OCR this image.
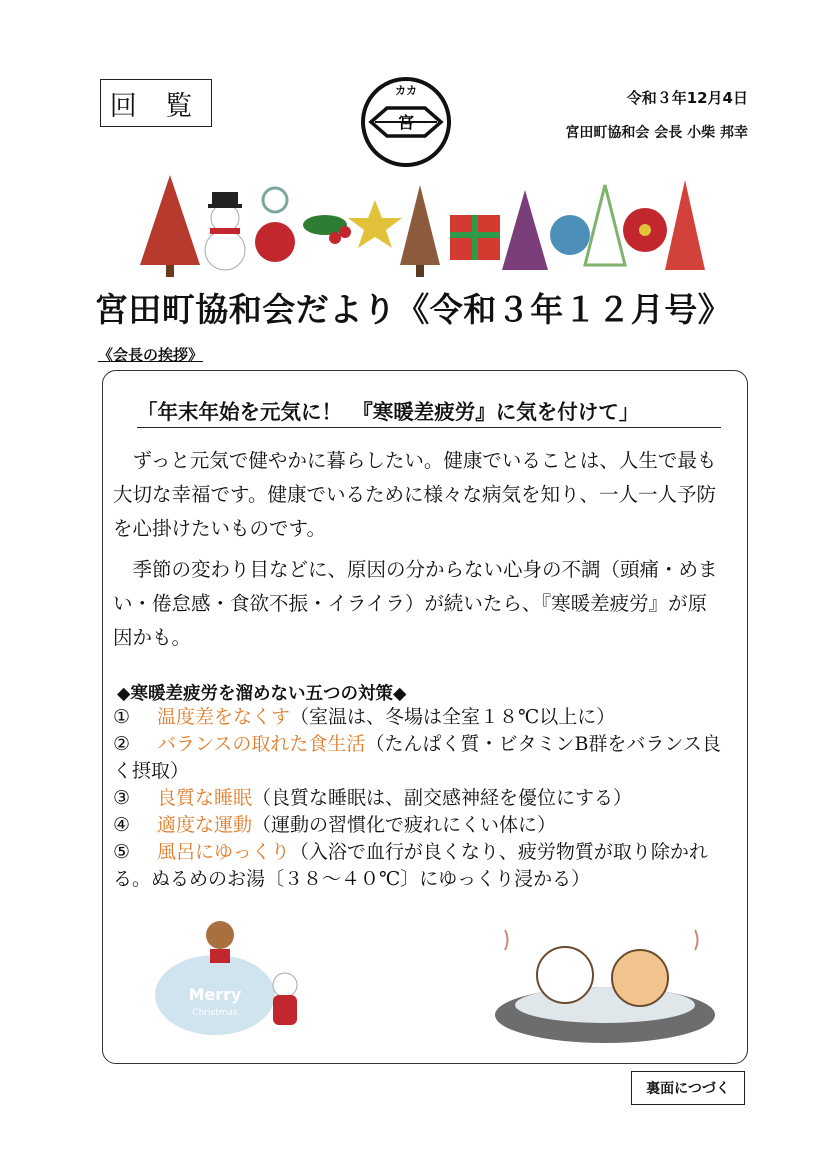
回 覧
宮
カカ	令和３年12月4日
宮田町協和会 会長 小柴 邦幸
宮田町協和会だより《令和３年１２月号》
《会長の挨拶》
「年末年始を元気に！　『寒暖差疲労』に気を付けて」

ずっと元気で健やかに暮らしたい。健康でいることは、人生で最も大切な幸福です。健康でいるために様々な病気を知り、一人一人予防を心掛けたいものです。

季節の変わり目などに、原因の分からない心身の不調（頭痛・めまい・倦怠感・食欲不振・イライラ）が続いたら、『寒暖差疲労』が原因かも。

◆寒暖差疲労を溜めない五つの対策◆

① 温度差をなくす（室温は、冬場は全室１８℃以上に）

② バランスの取れた食生活（たんぱく質・ビタミンB群をバランス良く摂取）

③ 良質な睡眠（良質な睡眠は、副交感神経を優位にする）

④ 適度な運動（運動の習慣化で疲れにくい体に）

⑤ 風呂にゆっくり（入浴で血行が良くなり、疲労物質が取り除かれる。ぬるめのお湯〔３８～４０℃〕にゆっくり浸かる）

Merry
Christmas
裏面につづく
